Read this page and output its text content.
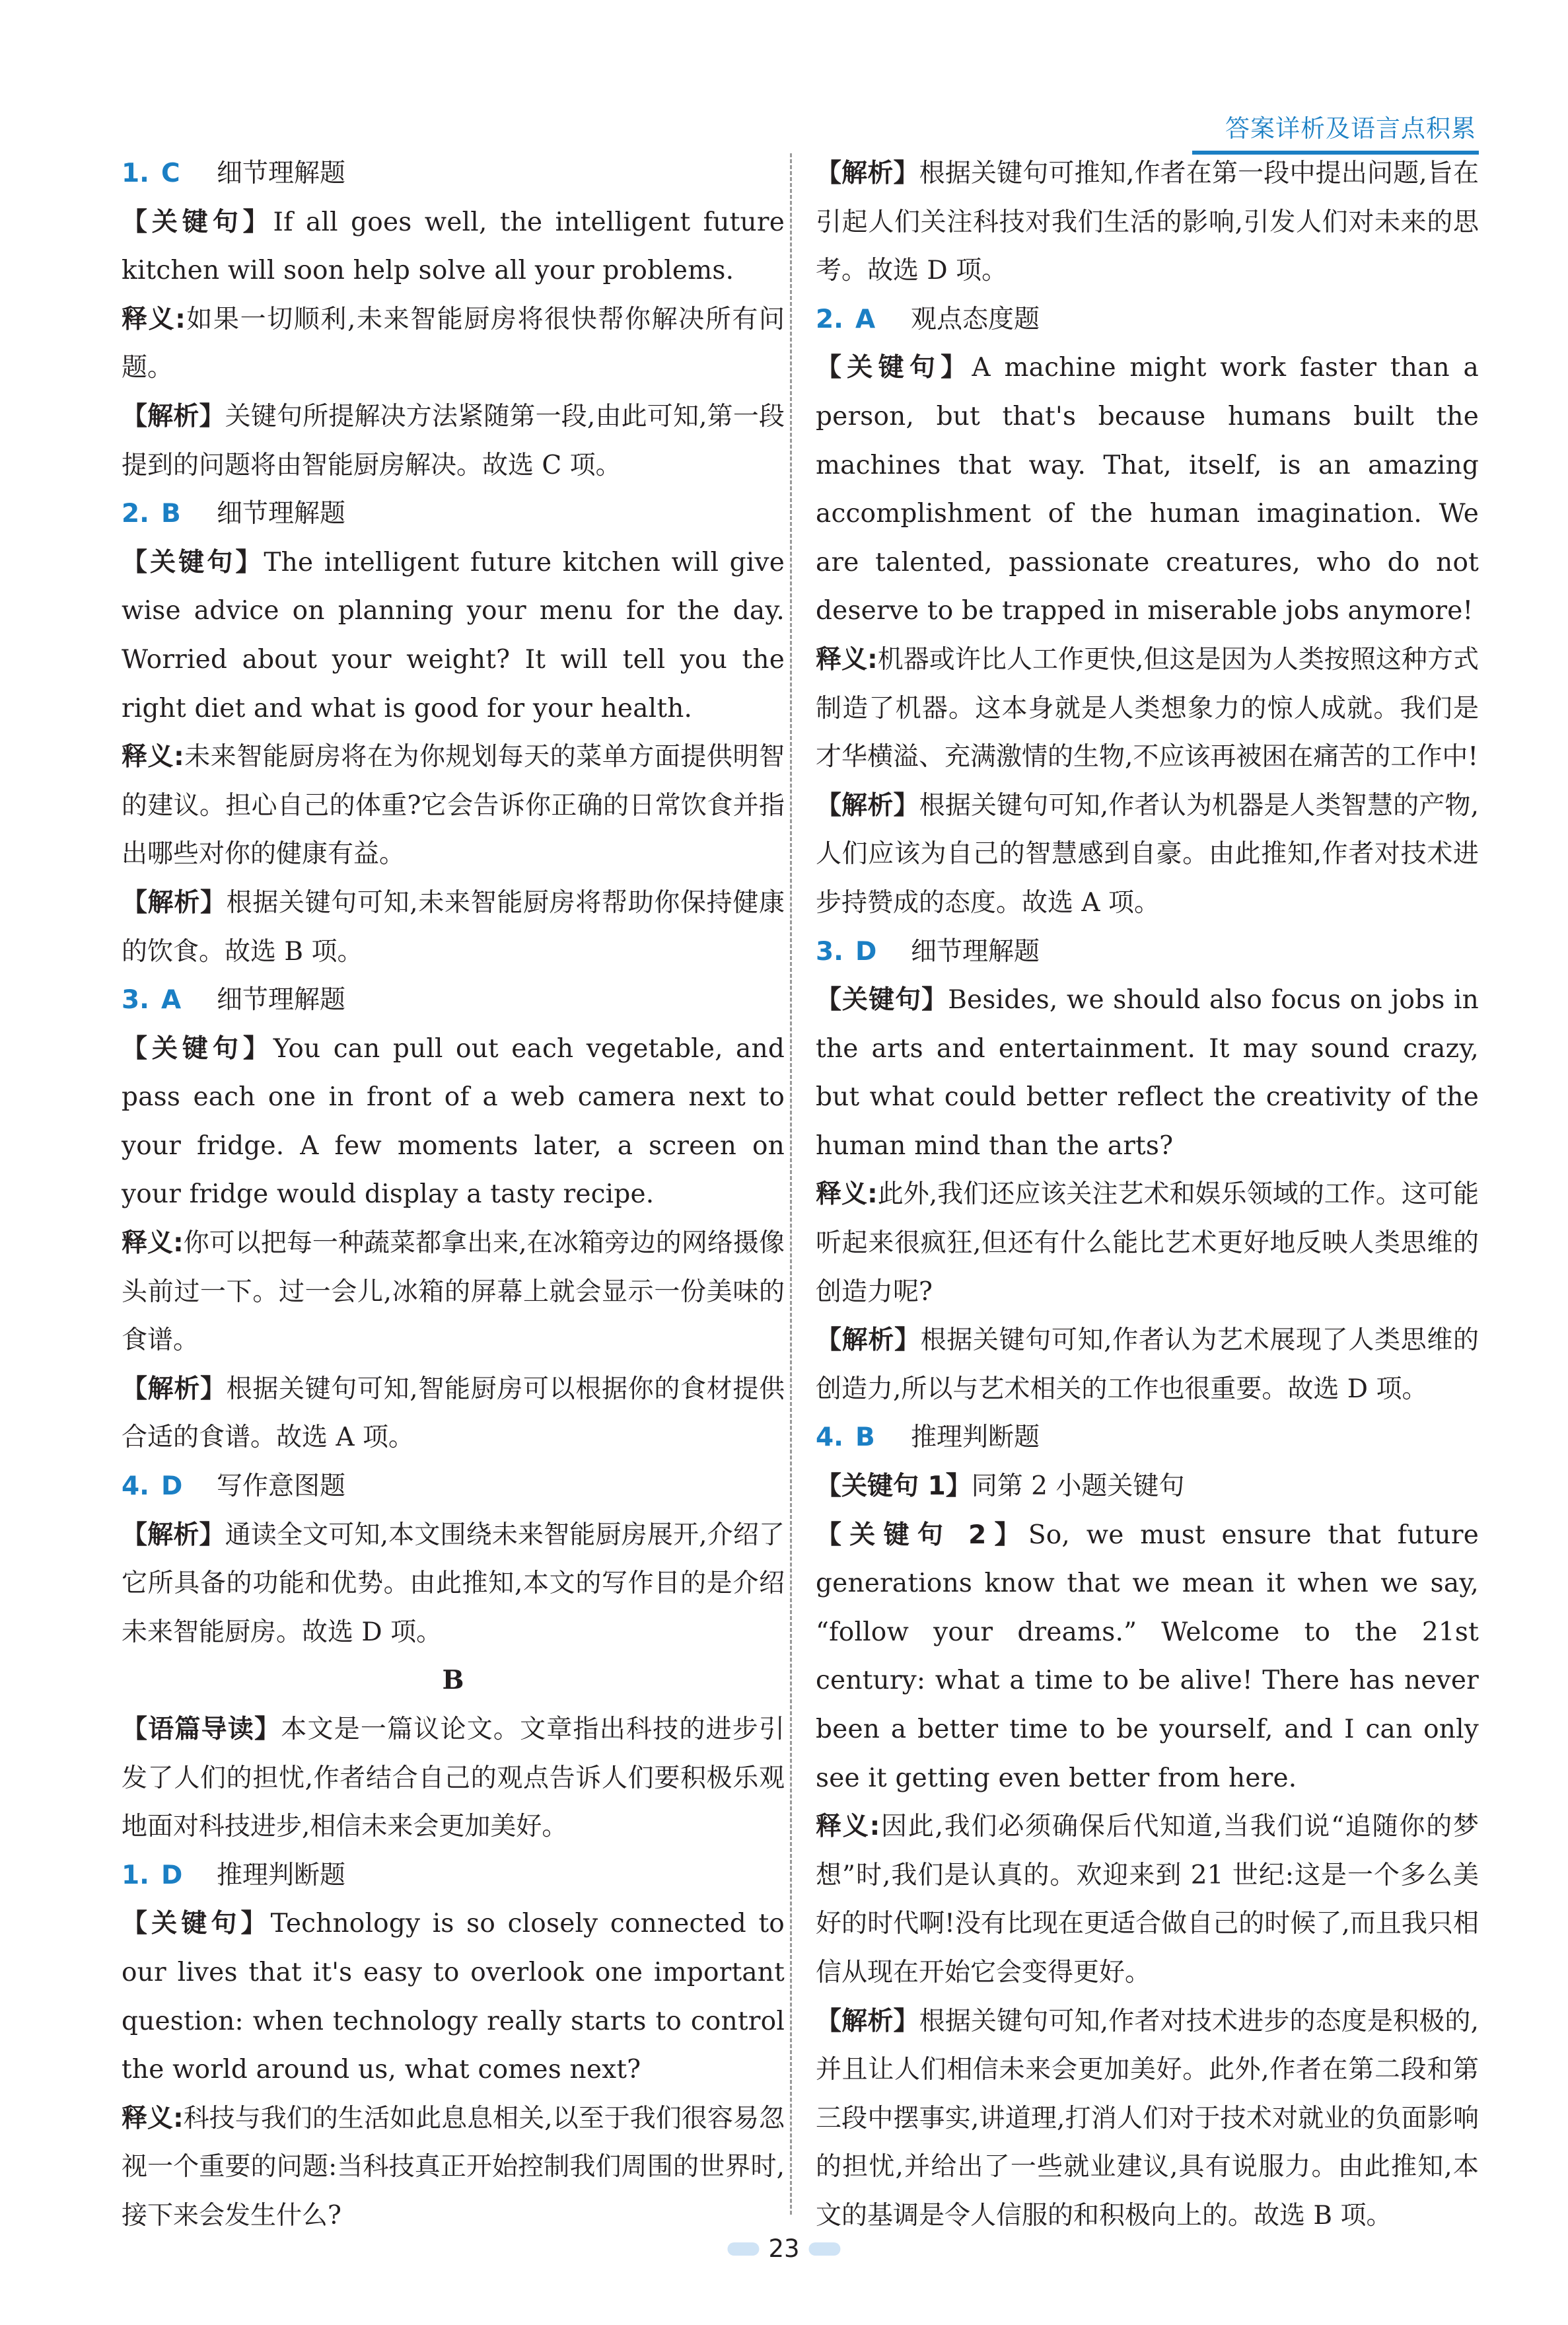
答案详析及语言点积累
1. C	细节理解题
【关键句】If all goes well, the intelligent future kitchen will soon help solve all your problems.
释义:如果一切顺利,未来智能厨房将很快帮你解决所有问题。
【解析】关键句所提解决方法紧随第一段,由此可知,第一段提到的问题将由智能厨房解决。故选 C 项。
2. B	细节理解题
【关键句】The intelligent future kitchen will give wise advice on planning your menu for the day. Worried about your weight? It will tell you the right diet and what is good for your health.
释义:未来智能厨房将在为你规划每天的菜单方面提供明智的建议。担心自己的体重?它会告诉你正确的日常饮食并指出哪些对你的健康有益。
【解析】根据关键句可知,未来智能厨房将帮助你保持健康的饮食。故选 B 项。
3. A	细节理解题
【关键句】You can pull out each vegetable, and pass each one in front of a web camera next to your fridge. A few moments later, a screen on your fridge would display a tasty recipe.
释义:你可以把每一种蔬菜都拿出来,在冰箱旁边的网络摄像头前过一下。过一会儿,冰箱的屏幕上就会显示一份美味的食谱。
【解析】根据关键句可知,智能厨房可以根据你的食材提供合适的食谱。故选 A 项。
4. D	写作意图题
【解析】通读全文可知,本文围绕未来智能厨房展开,介绍了它所具备的功能和优势。由此推知,本文的写作目的是介绍未来智能厨房。故选 D 项。
B
【语篇导读】本文是一篇议论文。文章指出科技的进步引发了人们的担忧,作者结合自己的观点告诉人们要积极乐观地面对科技进步,相信未来会更加美好。
1. D	推理判断题
【关键句】Technology is so closely connected to our lives that it's easy to overlook one important question: when technology really starts to control the world around us, what comes next?
释义:科技与我们的生活如此息息相关,以至于我们很容易忽视一个重要的问题:当科技真正开始控制我们周围的世界时,接下来会发生什么?
【解析】根据关键句可推知,作者在第一段中提出问题,旨在引起人们关注科技对我们生活的影响,引发人们对未来的思考。故选 D 项。
2. A	观点态度题
【关键句】A machine might work faster than a person, but that's because humans built the machines that way. That, itself, is an amazing accomplishment of the human imagination. We are talented, passionate creatures, who do not deserve to be trapped in miserable jobs anymore!
释义:机器或许比人工作更快,但这是因为人类按照这种方式制造了机器。这本身就是人类想象力的惊人成就。我们是才华横溢、充满激情的生物,不应该再被困在痛苦的工作中!
【解析】根据关键句可知,作者认为机器是人类智慧的产物,人们应该为自己的智慧感到自豪。由此推知,作者对技术进步持赞成的态度。故选 A 项。
3. D	细节理解题
【关键句】Besides, we should also focus on jobs in the arts and entertainment. It may sound crazy, but what could better reflect the creativity of the human mind than the arts?
释义:此外,我们还应该关注艺术和娱乐领域的工作。这可能听起来很疯狂,但还有什么能比艺术更好地反映人类思维的创造力呢?
【解析】根据关键句可知,作者认为艺术展现了人类思维的创造力,所以与艺术相关的工作也很重要。故选 D 项。
4. B	推理判断题
【关键句 1】同第 2 小题关键句
【关键句 2】So, we must ensure that future generations know that we mean it when we say, “follow your dreams.” Welcome to the 21st century: what a time to be alive! There has never been a better time to be yourself, and I can only see it getting even better from here.
释义:因此,我们必须确保后代知道,当我们说“追随你的梦想”时,我们是认真的。欢迎来到 21 世纪:这是一个多么美好的时代啊!没有比现在更适合做自己的时候了,而且我只相信从现在开始它会变得更好。
【解析】根据关键句可知,作者对技术进步的态度是积极的,并且让人们相信未来会更加美好。此外,作者在第二段和第三段中摆事实,讲道理,打消人们对于技术对就业的负面影响的担忧,并给出了一些就业建议,具有说服力。由此推知,本文的基调是令人信服的和积极向上的。故选 B 项。
23
